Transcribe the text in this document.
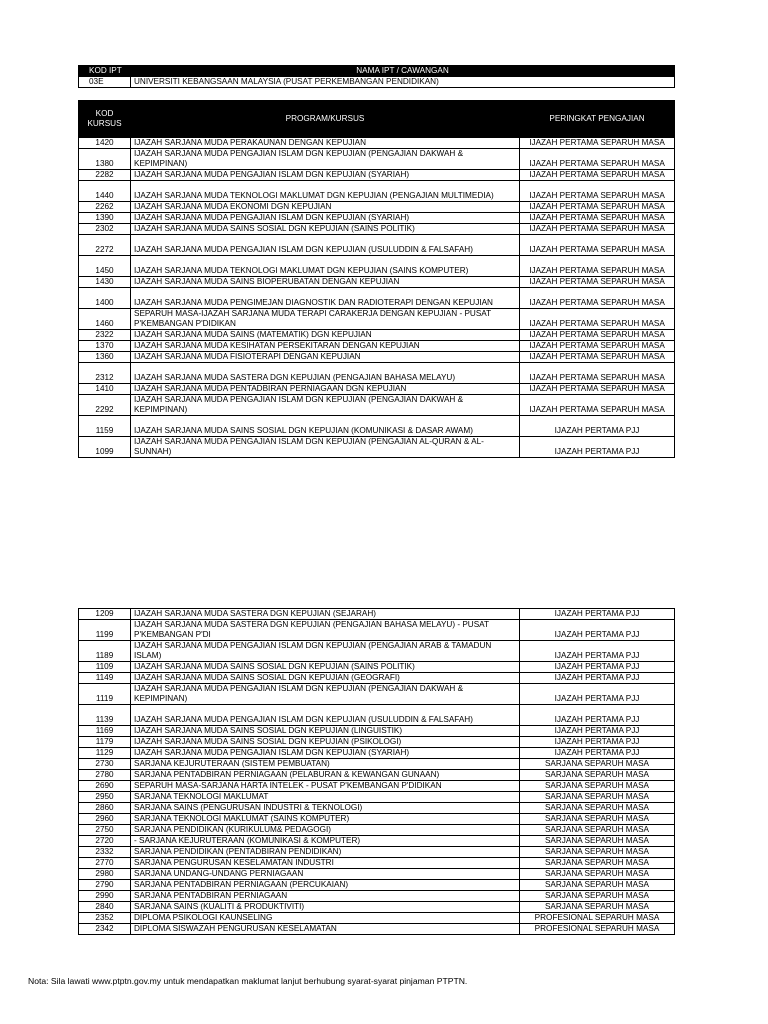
KOD IPT	NAMA IPT / CAWANGAN
03E	UNIVERSITI KEBANGSAAN MALAYSIA (PUSAT PERKEMBANGAN PENDIDIKAN)
KOD KURSUS	PROGRAM/KURSUS	PERINGKAT PENGAJIAN
1420	IJAZAH SARJANA MUDA PERAKAUNAN DENGAN KEPUJIAN	IJAZAH PERTAMA SEPARUH MASA
1380	IJAZAH SARJANA MUDA PENGAJIAN ISLAM DGN KEPUJIAN (PENGAJIAN DAKWAH & KEPIMPINAN)	IJAZAH PERTAMA SEPARUH MASA
2282	IJAZAH SARJANA MUDA PENGAJIAN ISLAM DGN KEPUJIAN (SYARIAH)	IJAZAH PERTAMA SEPARUH MASA
1440	IJAZAH SARJANA MUDA TEKNOLOGI MAKLUMAT DGN KEPUJIAN (PENGAJIAN MULTIMEDIA)	IJAZAH PERTAMA SEPARUH MASA
2262	IJAZAH SARJANA MUDA EKONOMI DGN KEPUJIAN	IJAZAH PERTAMA SEPARUH MASA
1390	IJAZAH SARJANA MUDA PENGAJIAN ISLAM DGN KEPUJIAN (SYARIAH)	IJAZAH PERTAMA SEPARUH MASA
2302	IJAZAH SARJANA MUDA SAINS SOSIAL DGN KEPUJIAN (SAINS POLITIK)	IJAZAH PERTAMA SEPARUH MASA
2272	IJAZAH SARJANA MUDA PENGAJIAN ISLAM DGN KEPUJIAN (USULUDDIN & FALSAFAH)	IJAZAH PERTAMA SEPARUH MASA
1450	IJAZAH SARJANA MUDA TEKNOLOGI MAKLUMAT DGN KEPUJIAN (SAINS KOMPUTER)	IJAZAH PERTAMA SEPARUH MASA
1430	IJAZAH SARJANA MUDA SAINS BIOPERUBATAN DENGAN KEPUJIAN	IJAZAH PERTAMA SEPARUH MASA
1400	IJAZAH SARJANA MUDA PENGIMEJAN DIAGNOSTIK DAN RADIOTERAPI DENGAN KEPUJIAN	IJAZAH PERTAMA SEPARUH MASA
1460	SEPARUH MASA-IJAZAH SARJANA MUDA TERAPI CARAKERJA DENGAN KEPUJIAN - PUSAT P'KEMBANGAN P'DIDIKAN	IJAZAH PERTAMA SEPARUH MASA
2322	IJAZAH SARJANA MUDA SAINS (MATEMATIK) DGN KEPUJIAN	IJAZAH PERTAMA SEPARUH MASA
1370	IJAZAH SARJANA MUDA KESIHATAN PERSEKITARAN DENGAN KEPUJIAN	IJAZAH PERTAMA SEPARUH MASA
1360	IJAZAH SARJANA MUDA FISIOTERAPI DENGAN KEPUJIAN	IJAZAH PERTAMA SEPARUH MASA
2312	IJAZAH SARJANA MUDA SASTERA DGN KEPUJIAN (PENGAJIAN BAHASA MELAYU)	IJAZAH PERTAMA SEPARUH MASA
1410	IJAZAH SARJANA MUDA PENTADBIRAN PERNIAGAAN DGN KEPUJIAN	IJAZAH PERTAMA SEPARUH MASA
2292	IJAZAH SARJANA MUDA PENGAJIAN ISLAM DGN KEPUJIAN (PENGAJIAN DAKWAH & KEPIMPINAN)	IJAZAH PERTAMA SEPARUH MASA
1159	IJAZAH SARJANA MUDA SAINS SOSIAL DGN KEPUJIAN (KOMUNIKASI & DASAR AWAM)	IJAZAH PERTAMA PJJ
1099	IJAZAH SARJANA MUDA PENGAJIAN ISLAM DGN KEPUJIAN (PENGAJIAN AL-QURAN & AL-SUNNAH)	IJAZAH PERTAMA PJJ
1209	IJAZAH SARJANA MUDA SASTERA DGN KEPUJIAN (SEJARAH)	IJAZAH PERTAMA PJJ
1199	IJAZAH SARJANA MUDA SASTERA DGN KEPUJIAN (PENGAJIAN BAHASA MELAYU) - PUSAT P'KEMBANGAN P'DI	IJAZAH PERTAMA PJJ
1189	IJAZAH SARJANA MUDA PENGAJIAN ISLAM DGN KEPUJIAN (PENGAJIAN ARAB & TAMADUN ISLAM)	IJAZAH PERTAMA PJJ
1109	IJAZAH SARJANA MUDA SAINS SOSIAL DGN KEPUJIAN (SAINS POLITIK)	IJAZAH PERTAMA PJJ
1149	IJAZAH SARJANA MUDA SAINS SOSIAL DGN KEPUJIAN (GEOGRAFI)	IJAZAH PERTAMA PJJ
1119	IJAZAH SARJANA MUDA PENGAJIAN ISLAM DGN KEPUJIAN (PENGAJIAN DAKWAH & KEPIMPINAN)	IJAZAH PERTAMA PJJ
1139	IJAZAH SARJANA MUDA PENGAJIAN ISLAM DGN KEPUJIAN (USULUDDIN & FALSAFAH)	IJAZAH PERTAMA PJJ
1169	IJAZAH SARJANA MUDA SAINS SOSIAL DGN KEPUJIAN (LINGUISTIK)	IJAZAH PERTAMA PJJ
1179	IJAZAH SARJANA MUDA SAINS SOSIAL DGN KEPUJIAN (PSIKOLOGI)	IJAZAH PERTAMA PJJ
1129	IJAZAH SARJANA MUDA PENGAJIAN ISLAM DGN KEPUJIAN (SYARIAH)	IJAZAH PERTAMA PJJ
2730	SARJANA KEJURUTERAAN (SISTEM PEMBUATAN)	SARJANA SEPARUH MASA
2780	SARJANA PENTADBIRAN PERNIAGAAN (PELABURAN & KEWANGAN GUNAAN)	SARJANA SEPARUH MASA
2690	SEPARUH MASA-SARJANA HARTA INTELEK - PUSAT P'KEMBANGAN P'DIDIKAN	SARJANA SEPARUH MASA
2950	SARJANA TEKNOLOGI MAKLUMAT	SARJANA SEPARUH MASA
2860	SARJANA SAINS (PENGURUSAN INDUSTRI & TEKNOLOGI)	SARJANA SEPARUH MASA
2960	SARJANA TEKNOLOGI MAKLUMAT (SAINS KOMPUTER)	SARJANA SEPARUH MASA
2750	SARJANA PENDIDIKAN (KURIKULUM& PEDAGOGI)	SARJANA SEPARUH MASA
2720	- SARJANA KEJURUTERAAN (KOMUNIKASI & KOMPUTER)	SARJANA SEPARUH MASA
2332	SARJANA PENDIDIKAN (PENTADBIRAN PENDIDIKAN)	SARJANA SEPARUH MASA
2770	SARJANA PENGURUSAN KESELAMATAN INDUSTRI	SARJANA SEPARUH MASA
2980	SARJANA UNDANG-UNDANG PERNIAGAAN	SARJANA SEPARUH MASA
2790	SARJANA PENTADBIRAN PERNIAGAAN (PERCUKAIAN)	SARJANA SEPARUH MASA
2990	SARJANA PENTADBIRAN PERNIAGAAN	SARJANA SEPARUH MASA
2840	SARJANA SAINS (KUALITI & PRODUKTIVITI)	SARJANA SEPARUH MASA
2352	DIPLOMA PSIKOLOGI KAUNSELING	PROFESIONAL SEPARUH MASA
2342	DIPLOMA SISWAZAH PENGURUSAN KESELAMATAN	PROFESIONAL SEPARUH MASA
Nota: Sila lawati www.ptptn.gov.my untuk mendapatkan maklumat lanjut berhubung syarat-syarat pinjaman PTPTN.
